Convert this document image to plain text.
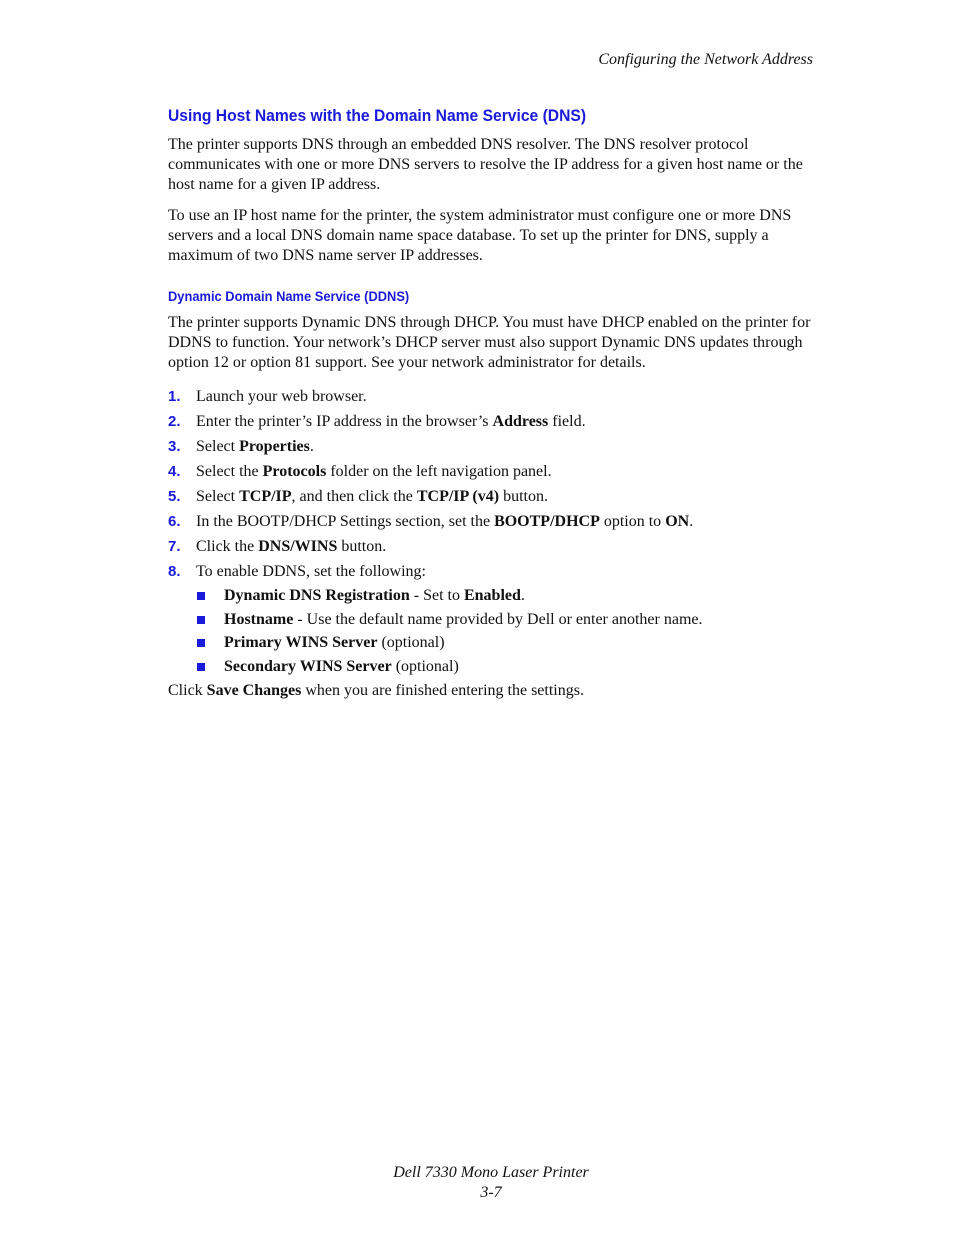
Configuring the Network Address
Using Host Names with the Domain Name Service (DNS)

The printer supports DNS through an embedded DNS resolver. The DNS resolver protocol communicates with one or more DNS servers to resolve the IP address for a given host name or the host name for a given IP address.

To use an IP host name for the printer, the system administrator must configure one or more DNS servers and a local DNS domain name space database. To set up the printer for DNS, supply a maximum of two DNS name server IP addresses.

Dynamic Domain Name Service (DDNS)

The printer supports Dynamic DNS through DHCP. You must have DHCP enabled on the printer for DDNS to function. Your network’s DHCP server must also support Dynamic DNS updates through option 12 or option 81 support. See your network administrator for details.

1. Launch your web browser.
2. Enter the printer’s IP address in the browser’s Address field.
3. Select Properties.
4. Select the Protocols folder on the left navigation panel.
5. Select TCP/IP, and then click the TCP/IP (v4) button.
6. In the BOOTP/DHCP Settings section, set the BOOTP/DHCP option to ON.
7. Click the DNS/WINS button.
8. To enable DDNS, set the following:
Dynamic DNS Registration - Set to Enabled.
Hostname - Use the default name provided by Dell or enter another name.
Primary WINS Server (optional)
Secondary WINS Server (optional)

Click Save Changes when you are finished entering the settings.

Dell 7330 Mono Laser Printer
3-7
